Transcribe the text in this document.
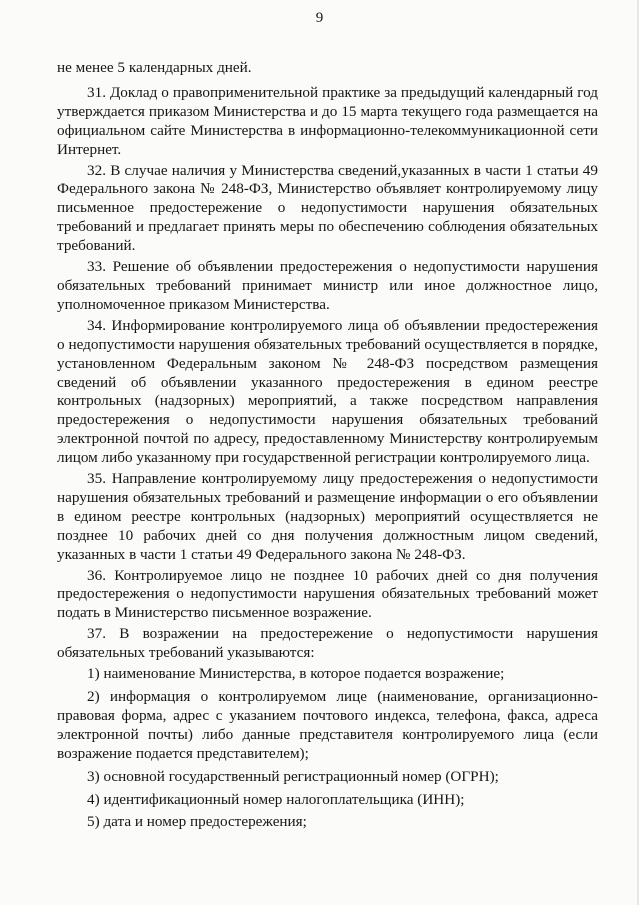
9

не менее 5 календарных дней.

31. Доклад о правоприменительной практике за предыдущий календарный год утверждается приказом Министерства и до 15 марта текущего года размещается на официальном сайте Министерства в информационно-телекоммуникационной сети Интернет.

32. В случае наличия у Министерства сведений,указанных в части 1 статьи 49 Федерального закона № 248-ФЗ, Министерство объявляет контролируемому лицу письменное предостережение о недопустимости нарушения обязательных требований и предлагает принять меры по обеспечению соблюдения обязательных требований.

33. Решение об объявлении предостережения о недопустимости нарушения обязательных требований принимает министр или иное должностное лицо, уполномоченное приказом Министерства.

34. Информирование контролируемого лица об объявлении предостережения о недопустимости нарушения обязательных требований осуществляется в порядке, установленном Федеральным законом № 248-ФЗ посредством размещения сведений об объявлении указанного предостережения в едином реестре контрольных (надзорных) мероприятий, а также посредством направления предостережения о недопустимости нарушения обязательных требований электронной почтой по адресу, предоставленному Министерству контролируемым лицом либо указанному при государственной регистрации контролируемого лица.

35. Направление контролируемому лицу предостережения о недопустимости нарушения обязательных требований и размещение информации о его объявлении в едином реестре контрольных (надзорных) мероприятий осуществляется не позднее 10 рабочих дней со дня получения должностным лицом сведений, указанных в части 1 статьи 49 Федерального закона № 248-ФЗ.

36. Контролируемое лицо не позднее 10 рабочих дней со дня получения предостережения о недопустимости нарушения обязательных требований может подать в Министерство письменное возражение.

37. В возражении на предостережение о недопустимости нарушения обязательных требований указываются:

1) наименование Министерства, в которое подается возражение;

2) информация о контролируемом лице (наименование, организационно-правовая форма, адрес с указанием почтового индекса, телефона, факса, адреса электронной почты) либо данные представителя контролируемого лица (если возражение подается представителем);

3) основной государственный регистрационный номер (ОГРН);

4) идентификационный номер налогоплательщика (ИНН);

5) дата и номер предостережения;
